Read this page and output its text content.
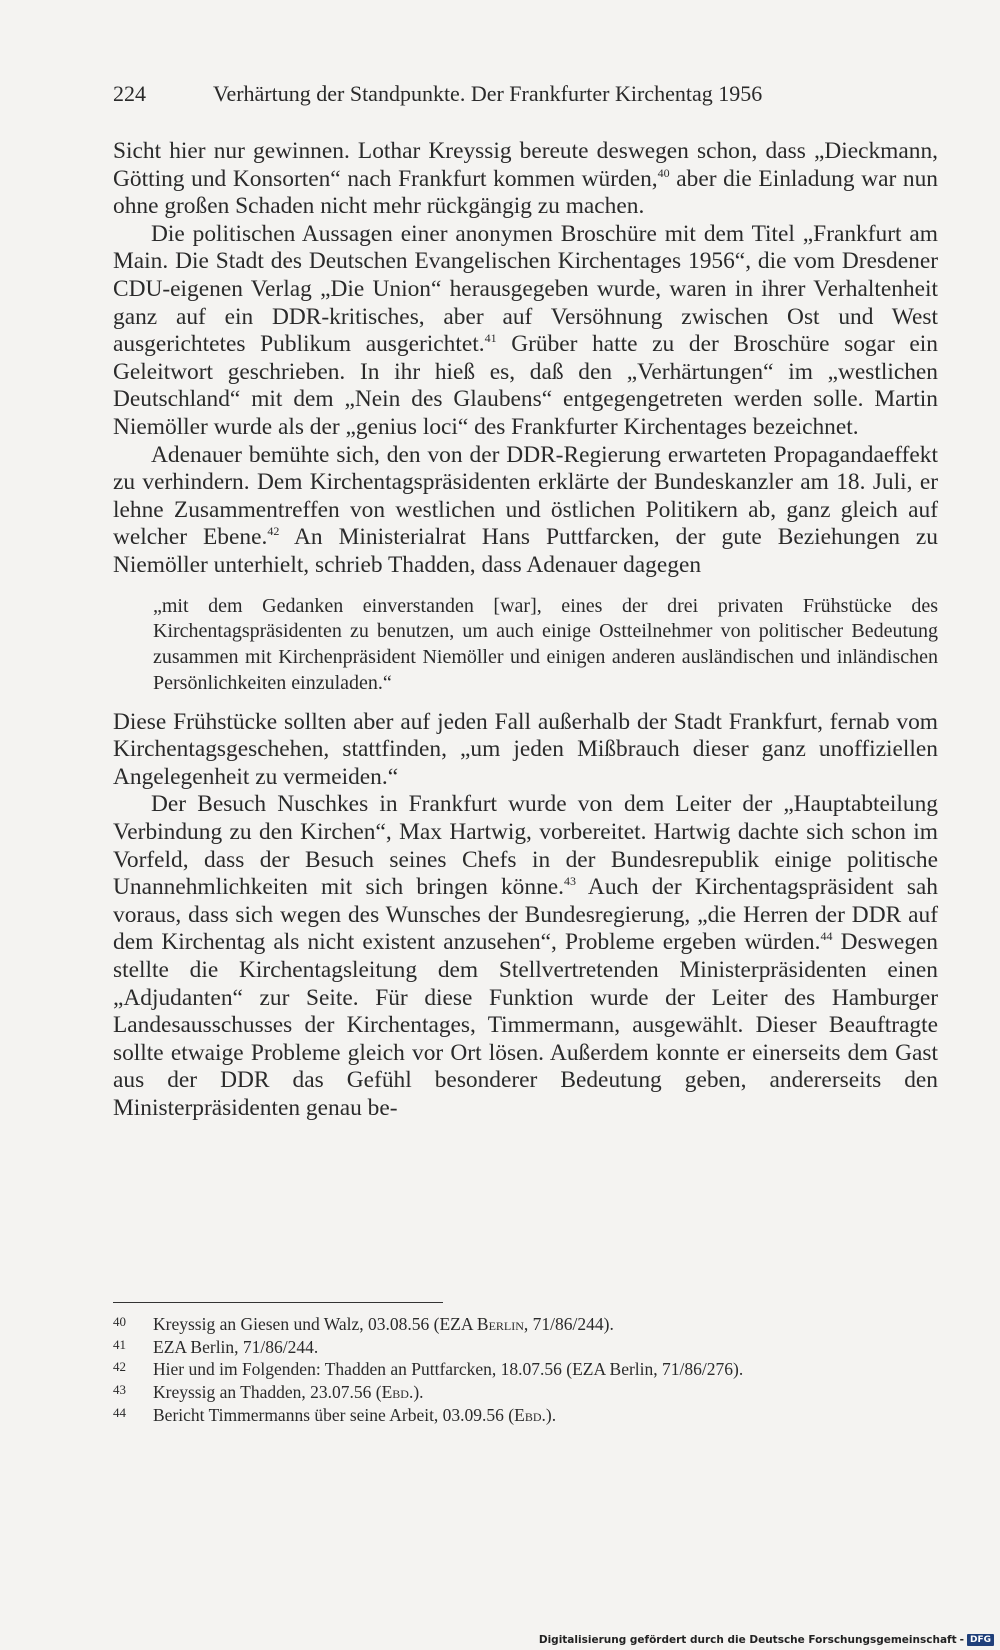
224	Verhärtung der Standpunkte. Der Frankfurter Kirchentag 1956

Sicht hier nur gewinnen. Lothar Kreyssig bereute deswegen schon, dass „Dieckmann, Götting und Konsorten“ nach Frankfurt kommen würden,$^{40}$ aber die Einladung war nun ohne großen Schaden nicht mehr rückgängig zu machen.

Die politischen Aussagen einer anonymen Broschüre mit dem Titel „Frankfurt am Main. Die Stadt des Deutschen Evangelischen Kirchentages 1956“, die vom Dresdener CDU-eigenen Verlag „Die Union“ herausgegeben wurde, waren in ihrer Verhaltenheit ganz auf ein DDR-kritisches, aber auf Versöhnung zwischen Ost und West ausgerichtetes Publikum ausgerichtet.$^{41}$ Grüber hatte zu der Broschüre sogar ein Geleitwort geschrieben. In ihr hieß es, daß den „Verhärtungen“ im „westlichen Deutschland“ mit dem „Nein des Glaubens“ entgegengetreten werden solle. Martin Niemöller wurde als der „genius loci“ des Frankfurter Kirchentages bezeichnet.

Adenauer bemühte sich, den von der DDR-Regierung erwarteten Propagandaeffekt zu verhindern. Dem Kirchentagspräsidenten erklärte der Bundeskanzler am 18. Juli, er lehne Zusammentreffen von westlichen und östlichen Politikern ab, ganz gleich auf welcher Ebene.$^{42}$ An Ministerialrat Hans Puttfarcken, der gute Beziehungen zu Niemöller unterhielt, schrieb Thadden, dass Adenauer dagegen

„mit dem Gedanken einverstanden [war], eines der drei privaten Frühstücke des Kirchentagspräsidenten zu benutzen, um auch einige Ostteilnehmer von politischer Bedeutung zusammen mit Kirchenpräsident Niemöller und einigen anderen ausländischen und inländischen Persönlichkeiten einzuladen.“

Diese Frühstücke sollten aber auf jeden Fall außerhalb der Stadt Frankfurt, fernab vom Kirchentagsgeschehen, stattfinden, „um jeden Mißbrauch dieser ganz unoffiziellen Angelegenheit zu vermeiden.“

Der Besuch Nuschkes in Frankfurt wurde von dem Leiter der „Hauptabteilung Verbindung zu den Kirchen“, Max Hartwig, vorbereitet. Hartwig dachte sich schon im Vorfeld, dass der Besuch seines Chefs in der Bundesrepublik einige politische Unannehmlichkeiten mit sich bringen könne.$^{43}$ Auch der Kirchentagspräsident sah voraus, dass sich wegen des Wunsches der Bundesregierung, „die Herren der DDR auf dem Kirchentag als nicht existent anzusehen“, Probleme ergeben würden.$^{44}$ Deswegen stellte die Kirchentagsleitung dem Stellvertretenden Ministerpräsidenten einen „Adjudanten“ zur Seite. Für diese Funktion wurde der Leiter des Hamburger Landesausschusses der Kirchentages, Timmermann, ausgewählt. Dieser Beauftragte sollte etwaige Probleme gleich vor Ort lösen. Außerdem konnte er einerseits dem Gast aus der DDR das Gefühl besonderer Bedeutung geben, andererseits den Ministerpräsidenten genau be-

40	Kreyssig an Giesen und Walz, 03.08.56 (EZA Berlin, 71/86/244).
41	EZA Berlin, 71/86/244.
42	Hier und im Folgenden: Thadden an Puttfarcken, 18.07.56 (EZA Berlin, 71/86/276).
43	Kreyssig an Thadden, 23.07.56 (Ebd.).
44	Bericht Timmermanns über seine Arbeit, 03.09.56 (Ebd.).
Digitalisierung gefördert durch die Deutsche Forschungsgemeinschaft - DFG
